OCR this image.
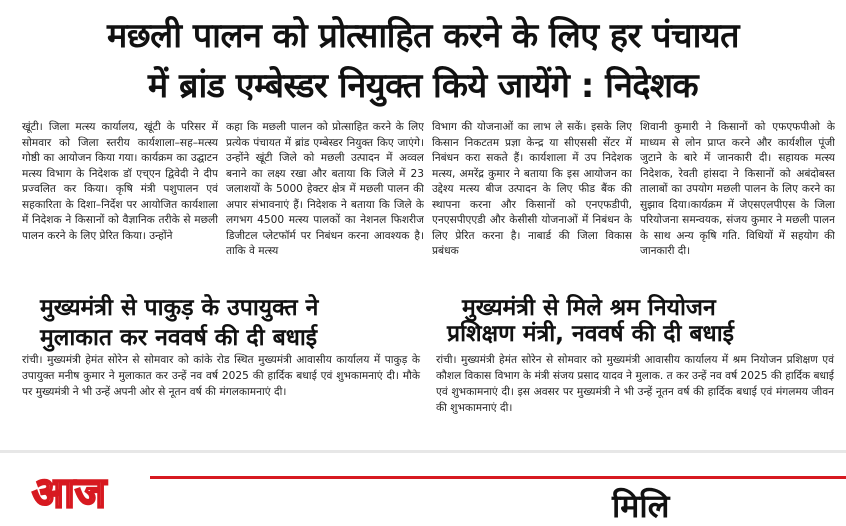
मछली पालन को प्रोत्साहित करने के लिए हर पंचायत
में ब्रांड एम्बेस्डर नियुक्त किये जायेंगे : निदेशक
खूंटी। जिला मत्स्य कार्यालय, खूंटी के परिसर में सोमवार को जिला स्तरीय कार्यशाला–सह–मत्स्य गोष्ठी का आयोजन किया गया। कार्यक्रम का उद्घाटन मत्स्य विभाग के निदेशक डॉ एच्एन द्विवेदी ने दीप प्रज्वलित कर किया। कृषि मंत्री पशुपालन एवं सहकारिता के दिशा–निर्देश पर आयोजित कार्यशाला में निदेशक ने किसानों को वैज्ञानिक तरीके से मछली पालन करने के लिए प्रेरित किया। उन्होंने
कहा कि मछली पालन को प्रोत्साहित करने के लिए प्रत्येक पंचायत में ब्रांड एम्बेस्डर नियुक्त किए जाएंगे। उन्होंने खूंटी जिले को मछली उत्पादन में अव्वल बनाने का लक्ष्य रखा और बताया कि जिले में 23 जलाशयों के 5000 हेक्टर क्षेत्र में मछली पालन की अपार संभावनाएं हैं। निदेशक ने बताया कि जिले के लगभग 4500 मत्स्य पालकों का नेशनल फिशरीज डिजीटल प्लेटफॉर्म पर निबंधन करना आवश्यक है। ताकि वे मत्स्य
विभाग की योजनाओं का लाभ ले सकें। इसके लिए किसान निकटतम प्रज्ञा केन्द्र या सीएससी सेंटर में निबंधन करा सकते हैं। कार्यशाला में उप निदेशक मत्स्य, अमरेंद्र कुमार ने बताया कि इस आयोजन का उद्देश्य मत्स्य बीज उत्पादन के लिए फीड बैंक की स्थापना करना और किसानों को एनएफडीपी, एनएसपीएएडी और केसीसी योजनाओं में निबंधन के लिए प्रेरित करना है। नाबार्ड की जिला विकास प्रबंधक
शिवानी कुमारी ने किसानों को एफएफपीओ के माध्यम से लोन प्राप्त करने और कार्यशील पूंजी जुटाने के बारे में जानकारी दी। सहायक मत्स्य निदेशक, रेवती हांसदा ने किसानों को अबंदोबस्त तालाबों का उपयोग मछली पालन के लिए करने का सुझाव दिया।कार्यक्रम में जेएसएलपीएस के जिला परियोजना समन्वयक, संजय कुमार ने मछली पालन के साथ अन्य कृषि गति. विधियों में सहयोग की जानकारी दी।
मुख्यमंत्री से पाकुड़ के उपायुक्त ने
मुलाकात कर नववर्ष की दी बधाई
रांची। मुख्यमंत्री हेमंत सोरेन से सोमवार को कांके रोड स्थित मुख्यमंत्री आवासीय कार्यालय में पाकुड़ के उपायुक्त मनीष कुमार ने मुलाकात कर उन्हें नव वर्ष 2025 की हार्दिक बधाई एवं शुभकामनाएं दी। मौके पर मुख्यमंत्री ने भी उन्हें अपनी ओर से नूतन वर्ष की मंगलकामनाएं दी।
मुख्यमंत्री से मिले श्रम नियोजन
प्रशिक्षण मंत्री, नववर्ष की दी बधाई
रांची। मुख्यमंत्री हेमंत सोरेन से सोमवार को मुख्यमंत्री आवासीय कार्यालय में श्रम नियोजन प्रशिक्षण एवं कौशल विकास विभाग के मंत्री संजय प्रसाद यादव ने मुलाक. त कर उन्हें नव वर्ष 2025 की हार्दिक बधाई एवं शुभकामनाएं दी। इस अवसर पर मुख्यमंत्री ने भी उन्हें नूतन वर्ष की हार्दिक बधाई एवं मंगलमय जीवन की शुभकामनाएं दी।
आज	मिलि
